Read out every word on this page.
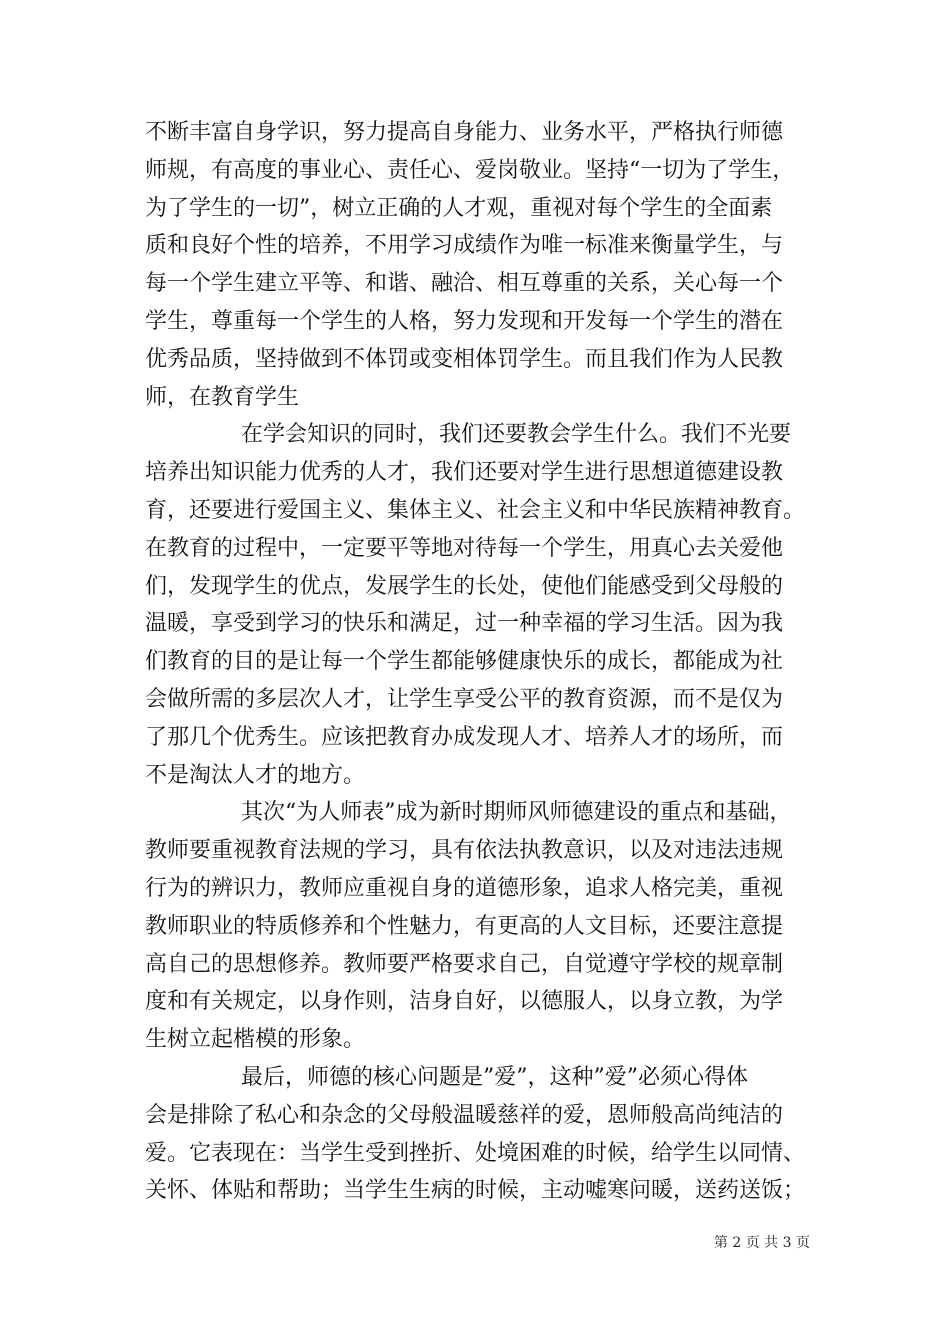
不断丰富自身学识，努力提高自身能力、业务水平，严格执行师德
师规，有高度的事业心、责任心、爱岗敬业。坚持“一切为了学生，
为了学生的一切”，树立正确的人才观，重视对每个学生的全面素
质和良好个性的培养，不用学习成绩作为唯一标准来衡量学生，与
每一个学生建立平等、和谐、融洽、相互尊重的关系，关心每一个
学生，尊重每一个学生的人格，努力发现和开发每一个学生的潜在
优秀品质，坚持做到不体罚或变相体罚学生。而且我们作为人民教
师，在教育学生
在学会知识的同时，我们还要教会学生什么。我们不光要
培养出知识能力优秀的人才，我们还要对学生进行思想道德建设教
育，还要进行爱国主义、集体主义、社会主义和中华民族精神教育。
在教育的过程中，一定要平等地对待每一个学生，用真心去关爱他
们，发现学生的优点，发展学生的长处，使他们能感受到父母般的
温暖，享受到学习的快乐和满足，过一种幸福的学习生活。因为我
们教育的目的是让每一个学生都能够健康快乐的成长，都能成为社
会做所需的多层次人才，让学生享受公平的教育资源，而不是仅为
了那几个优秀生。应该把教育办成发现人才、培养人才的场所，而
不是淘汰人才的地方。
其次“为人师表”成为新时期师风师德建设的重点和基础，
教师要重视教育法规的学习，具有依法执教意识，以及对违法违规
行为的辨识力，教师应重视自身的道德形象，追求人格完美，重视
教师职业的特质修养和个性魅力，有更高的人文目标，还要注意提
高自己的思想修养。教师要严格要求自己，自觉遵守学校的规章制
度和有关规定，以身作则，洁身自好，以德服人，以身立教，为学
生树立起楷模的形象。
最后，师德的核心问题是”爱”，这种”爱”必须心得体
会是排除了私心和杂念的父母般温暖慈祥的爱，恩师般高尚纯洁的
爱。它表现在：当学生受到挫折、处境困难的时候，给学生以同情、
关怀、体贴和帮助；当学生生病的时候，主动嘘寒问暖，送药送饭；
第 2 页 共 3 页
